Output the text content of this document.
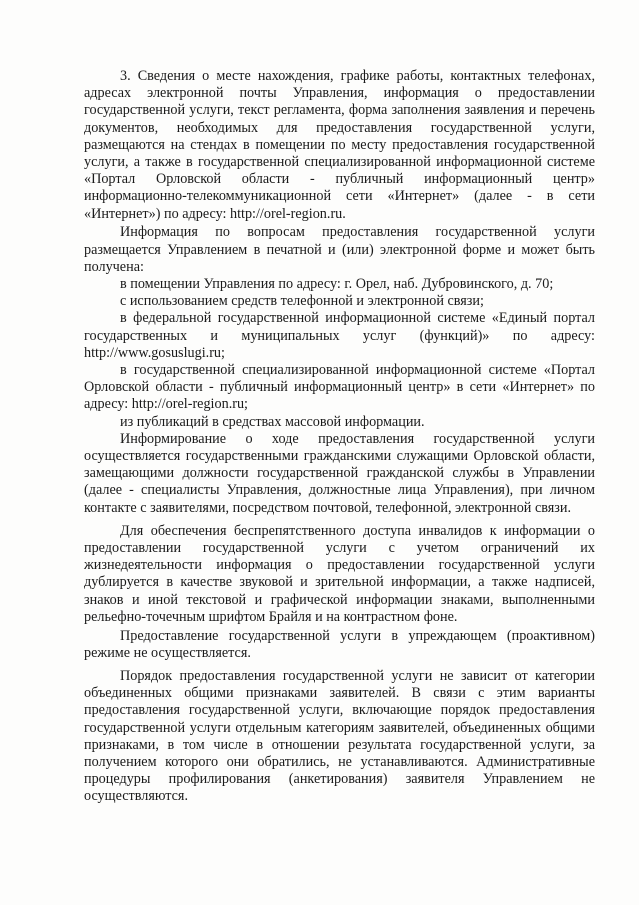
3. Сведения о месте нахождения, графике работы, контактных телефонах, адресах электронной почты Управления, информация о предоставлении государственной услуги, текст регламента, форма заполнения заявления и перечень документов, необходимых для предоставления государственной услуги, размещаются на стендах в помещении по месту предоставления государственной услуги, а также в государственной специализированной информационной системе «Портал Орловской области - публичный информационный центр» информационно-телекоммуникационной сети «Интернет» (далее - в сети «Интернет») по адресу: http://orel-region.ru.

Информация по вопросам предоставления государственной услуги размещается Управлением в печатной и (или) электронной форме и может быть получена:

в помещении Управления по адресу: г. Орел, наб. Дубровинского, д. 70;

с использованием средств телефонной и электронной связи;

в федеральной государственной информационной системе «Единый портал государственных и муниципальных услуг (функций)» по адресу: http://www.gosuslugi.ru;

в государственной специализированной информационной системе «Портал Орловской области - публичный информационный центр» в сети «Интернет» по адресу: http://orel-region.ru;

из публикаций в средствах массовой информации.

Информирование о ходе предоставления государственной услуги осуществляется государственными гражданскими служащими Орловской области, замещающими должности государственной гражданской службы в Управлении (далее - специалисты Управления, должностные лица Управления), при личном контакте с заявителями, посредством почтовой, телефонной, электронной связи.

Для обеспечения беспрепятственного доступа инвалидов к информации о предоставлении государственной услуги с учетом ограничений их жизнедеятельности информация о предоставлении государственной услуги дублируется в качестве звуковой и зрительной информации, а также надписей, знаков и иной текстовой и графической информации знаками, выполненными рельефно-точечным шрифтом Брайля и на контрастном фоне.

Предоставление государственной услуги в упреждающем (проактивном) режиме не осуществляется.

Порядок предоставления государственной услуги не зависит от категории объединенных общими признаками заявителей. В связи с этим варианты предоставления государственной услуги, включающие порядок предоставления государственной услуги отдельным категориям заявителей, объединенных общими признаками, в том числе в отношении результата государственной услуги, за получением которого они обратились, не устанавливаются. Административные процедуры профилирования (анкетирования) заявителя Управлением не осуществляются.
